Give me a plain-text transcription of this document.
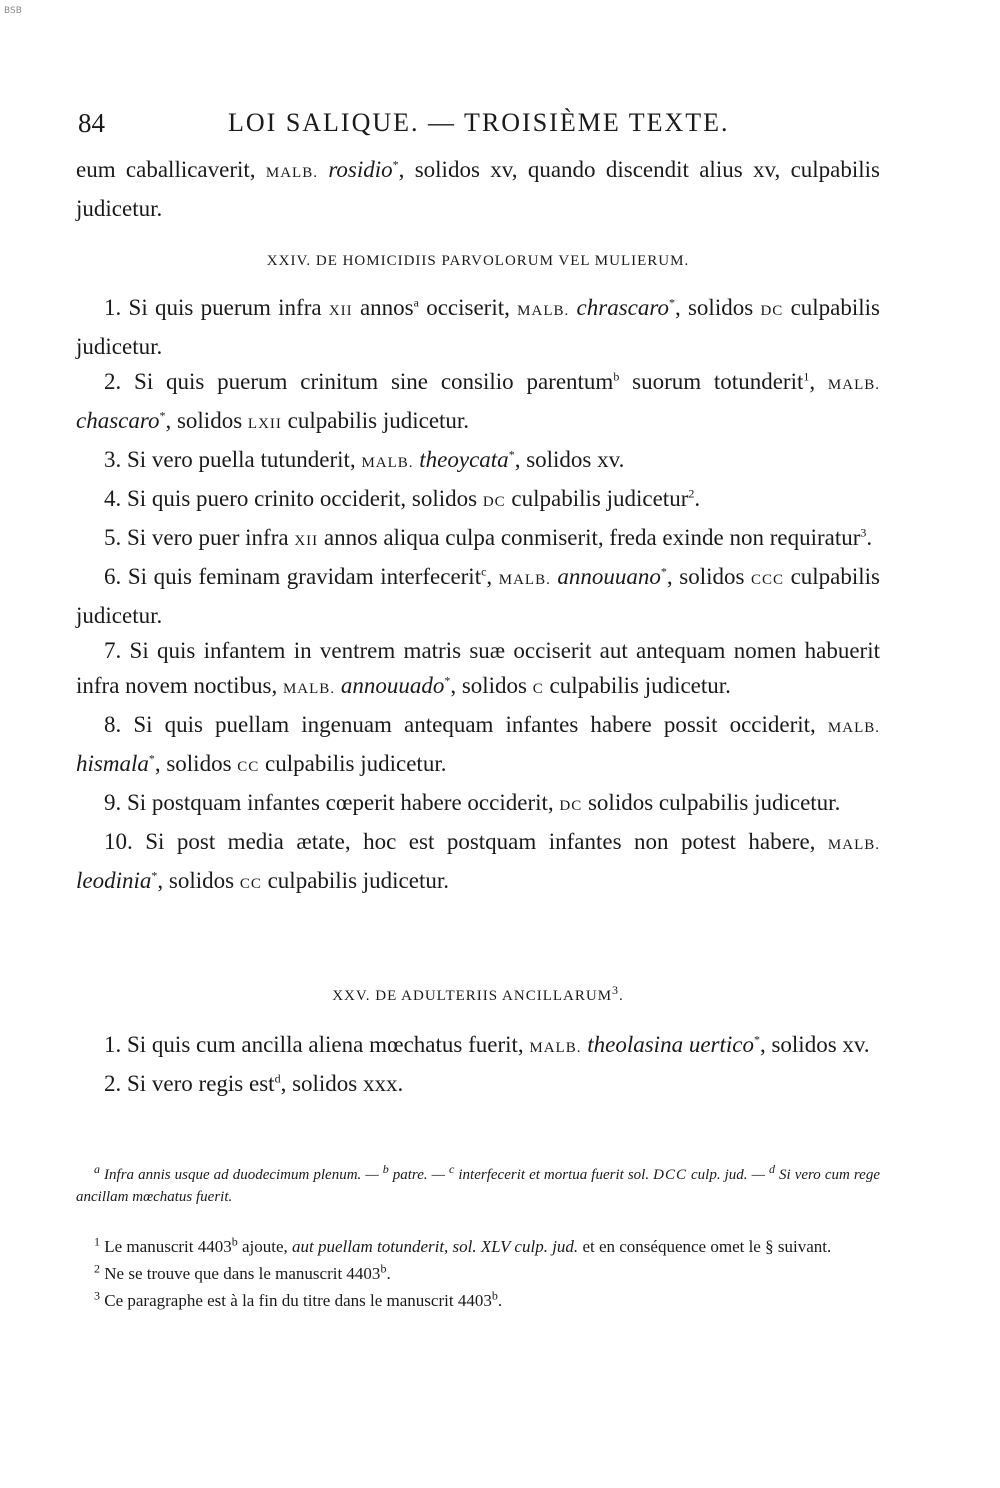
BSB
84	LOI SALIQUE. — TROISIÈME TEXTE.

eum caballicaverit, MALB. rosidio*, solidos xv, quando discendit alius xv, culpabilis judicetur.

XXIV. DE HOMICIDIIS PARVOLORUM VEL MULIERUM.

1. Si quis puerum infra XII annos$^a$ occiserit, MALB. chrascaro*, solidos DC culpabilis judicetur.

2. Si quis puerum crinitum sine consilio parentum$^b$ suorum totunderit$^1$, MALB. chascaro*, solidos LXII culpabilis judicetur.

3. Si vero puella tutunderit, MALB. theoycata*, solidos xv.

4. Si quis puero crinito occiderit, solidos DC culpabilis judicetur$^2$.

5. Si vero puer infra XII annos aliqua culpa conmiserit, freda exinde non requiratur$^3$.

6. Si quis feminam gravidam interfecerit$^c$, MALB. annouuano*, solidos CCC culpabilis judicetur.

7. Si quis infantem in ventrem matris suæ occiserit aut antequam nomen habuerit infra novem noctibus, MALB. annouuado*, solidos C culpabilis judicetur.

8. Si quis puellam ingenuam antequam infantes habere possit occiderit, MALB. hismala*, solidos CC culpabilis judicetur.

9. Si postquam infantes cœperit habere occiderit, DC solidos culpabilis judicetur.

10. Si post media ætate, hoc est postquam infantes non potest habere, MALB. leodinia*, solidos CC culpabilis judicetur.

XXV. DE ADULTERIIS ANCILLARUM$^3$.

1. Si quis cum ancilla aliena mœchatus fuerit, MALB. theolasina uertico*, solidos xv.

2. Si vero regis est$^d$, solidos xxx.

$^a$ Infra annis usque ad duodecimum plenum. — $^b$ patre. — $^c$ interfecerit et mortua fuerit sol. DCC culp. jud. — $^d$ Si vero cum rege ancillam mœchatus fuerit.

$^1$ Le manuscrit 4403$^b$ ajoute, aut puellam totunderit, sol. XLV culp. jud. et en conséquence omet le § suivant.

$^2$ Ne se trouve que dans le manuscrit 4403$^b$.

$^3$ Ce paragraphe est à la fin du titre dans le manuscrit 4403$^b$.
